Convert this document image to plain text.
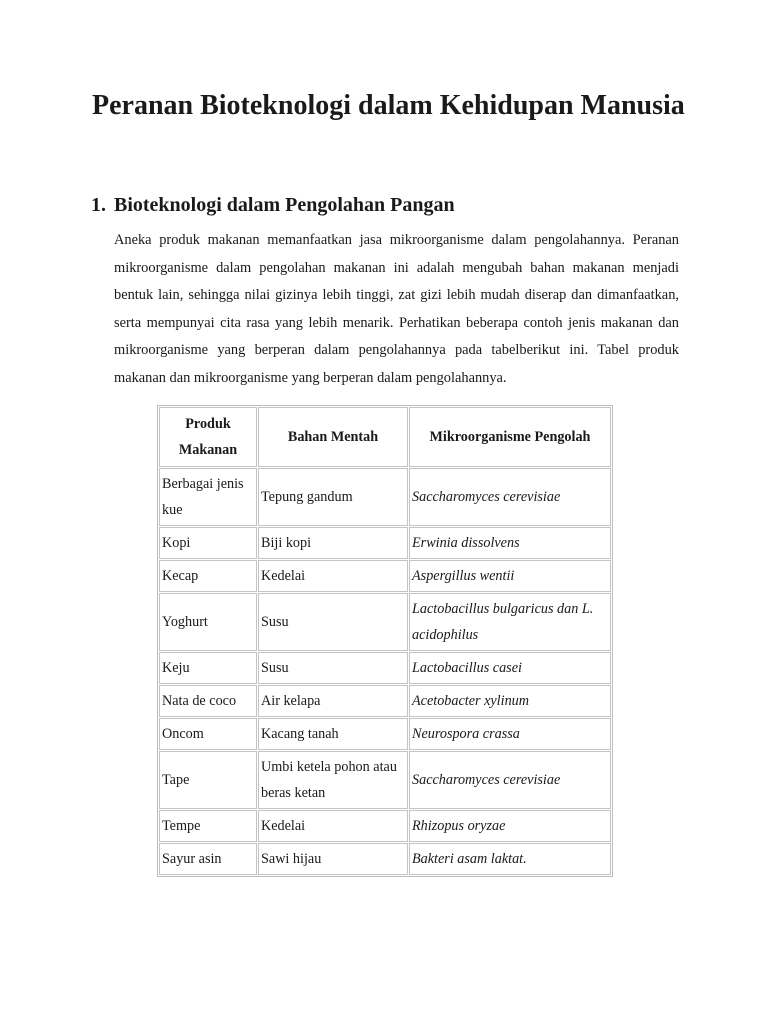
Peranan Bioteknologi dalam Kehidupan Manusia
1. Bioteknologi dalam Pengolahan Pangan

Aneka produk makanan memanfaatkan jasa mikroorganisme dalam pengolahannya. Peranan mikroorganisme dalam pengolahan makanan ini adalah mengubah bahan makanan menjadi bentuk lain, sehingga nilai gizinya lebih tinggi, zat gizi lebih mudah diserap dan dimanfaatkan, serta mempunyai cita rasa yang lebih menarik. Perhatikan beberapa contoh jenis makanan dan mikroorganisme yang berperan dalam pengolahannya pada tabelberikut ini. Tabel produk makanan dan mikroorganisme yang berperan dalam pengolahannya.

Produk Makanan	Bahan Mentah	Mikroorganisme Pengolah
Berbagai jenis kue	Tepung gandum	Saccharomyces cerevisiae
Kopi	Biji kopi	Erwinia dissolvens
Kecap	Kedelai	Aspergillus wentii
Yoghurt	Susu	Lactobacillus bulgaricus dan L. acidophilus
Keju	Susu	Lactobacillus casei
Nata de coco	Air kelapa	Acetobacter xylinum
Oncom	Kacang tanah	Neurospora crassa
Tape	Umbi ketela pohon atau beras ketan	Saccharomyces cerevisiae
Tempe	Kedelai	Rhizopus oryzae
Sayur asin	Sawi hijau	Bakteri asam laktat.
